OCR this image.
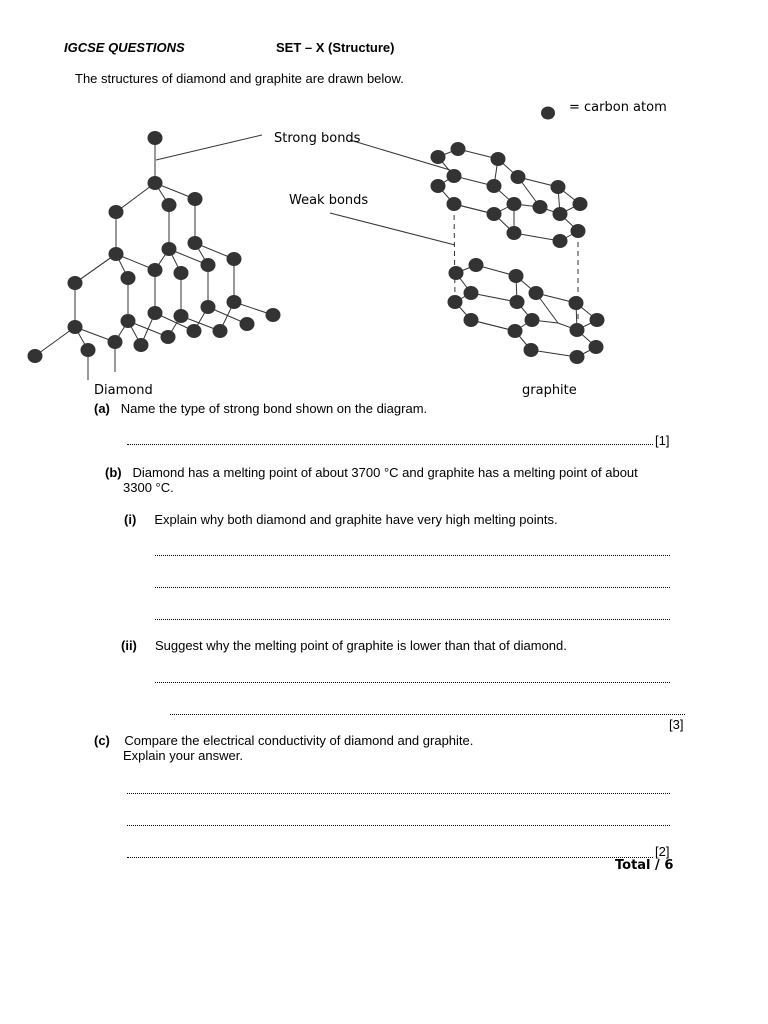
IGCSE QUESTIONS	SET – X (Structure)
The structures of diamond and graphite are drawn below.
= carbon atom
Strong bonds
Weak bonds
Diamond	graphite
(a) Name the type of strong bond shown on the diagram.
[1]
(b) Diamond has a melting point of about 3700 °C and graphite has a melting point of about
3300 °C.
(i) Explain why both diamond and graphite have very high melting points.
(ii) Suggest why the melting point of graphite is lower than that of diamond.
[3]
(c) Compare the electrical conductivity of diamond and graphite.
Explain your answer.
[2]
Total / 6
